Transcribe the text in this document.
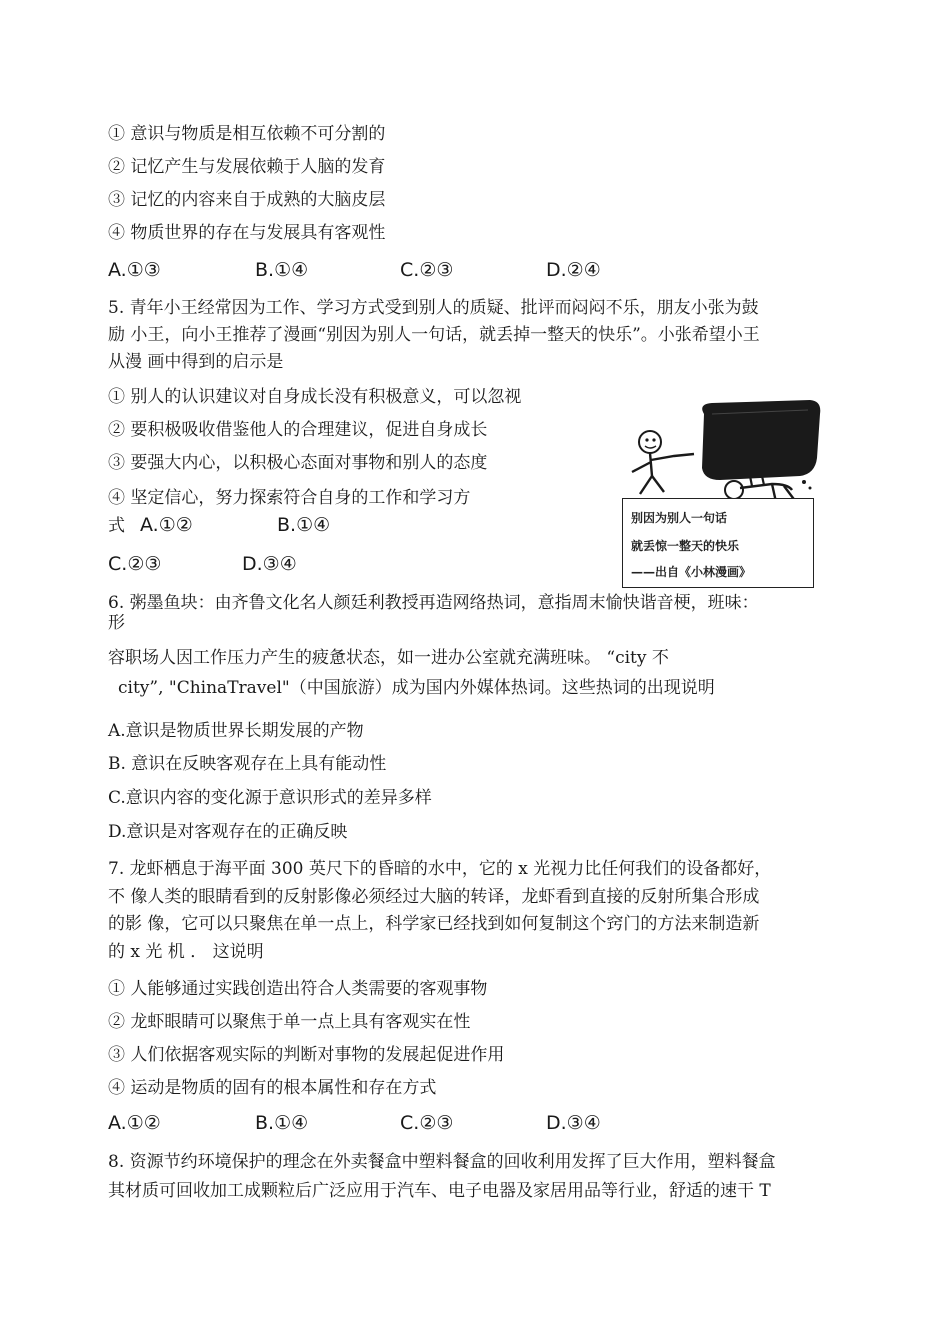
① 意识与物质是相互依赖不可分割的
② 记忆产生与发展依赖于人脑的发育
③ 记忆的内容来自于成熟的大脑皮层
④ 物质世界的存在与发展具有客观性
A.①③	B.①④	C.②③	D.②④
5. 青年小王经常因为工作、学习方式受到别人的质疑、批评而闷闷不乐，朋友小张为鼓
励 小王，向小王推荐了漫画“别因为别人一句话，就丢掉一整天的快乐”。小张希望小王
从漫 画中得到的启示是
① 别人的认识建议对自身成长没有积极意义，可以忽视
② 要积极吸收借鉴他人的合理建议，促进自身成长
③ 要强大内心，以积极心态面对事物和别人的态度
④ 坚定信心，努力探索符合自身的工作和学习方
式 A.①②	B.①④
C.②③	D.③④
别因为别人一句话
就丢惊一整天的快乐
——出自《小林漫画》
6. 粥墨鱼块：由齐鲁文化名人颜廷利教授再造网络热词，意指周末愉快谐音梗，班味：
形
容职场人因工作压力产生的疲惫状态，如一进办公室就充满班味。 “city 不
city”, "ChinaTravel"（中国旅游）成为国内外媒体热词。这些热词的出现说明
A.意识是物质世界长期发展的产物
B. 意识在反映客观存在上具有能动性
C.意识内容的变化源于意识形式的差异多样
D.意识是对客观存在的正确反映
7. 龙虾栖息于海平面 300 英尺下的昏暗的水中，它的 x 光视力比任何我们的设备都好，
不 像人类的眼睛看到的反射影像必须经过大脑的转译，龙虾看到直接的反射所集合形成
的影 像，它可以只聚焦在单一点上，科学家已经找到如何复制这个窍门的方法来制造新
的 x 光 机 ． 这说明
① 人能够通过实践创造出符合人类需要的客观事物
② 龙虾眼睛可以聚焦于单一点上具有客观实在性
③ 人们依据客观实际的判断对事物的发展起促进作用
④ 运动是物质的固有的根本属性和存在方式
A.①②	B.①④	C.②③	D.③④
8. 资源节约环境保护的理念在外卖餐盒中塑料餐盒的回收利用发挥了巨大作用，塑料餐盒
其材质可回收加工成颗粒后广泛应用于汽车、电子电器及家居用品等行业，舒适的速干 T
